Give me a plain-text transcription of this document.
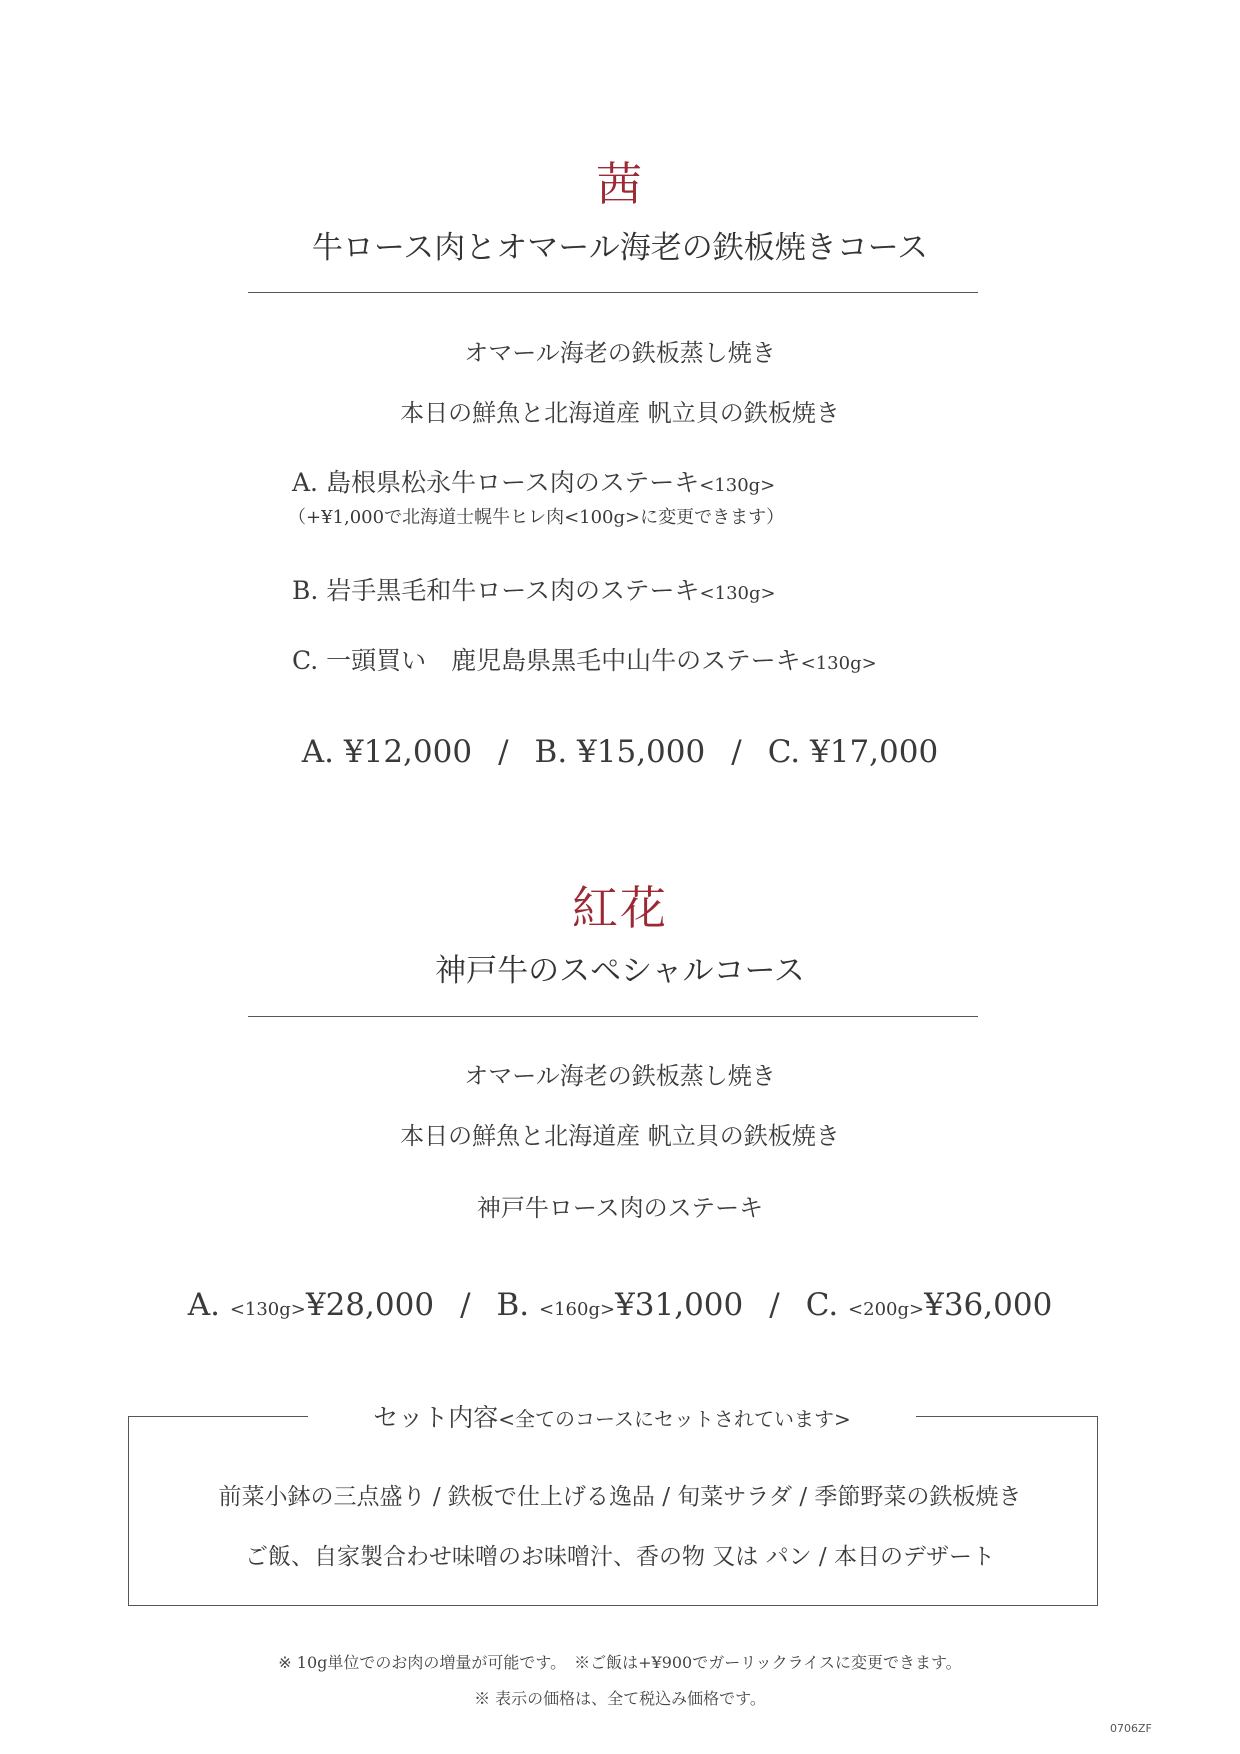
茜
牛ロース肉とオマール海老の鉄板焼きコース
オマール海老の鉄板蒸し焼き
本日の鮮魚と北海道産 帆立貝の鉄板焼き
A. 島根県松永牛ロース肉のステーキ<130g>
（+¥1,000で北海道士幌牛ヒレ肉<100g>に変更できます）
B. 岩手黒毛和牛ロース肉のステーキ<130g>
C. 一頭買い　鹿児島県黒毛中山牛のステーキ<130g>
A. ¥12,000 / B. ¥15,000 / C. ¥17,000
紅花
神戸牛のスペシャルコース
オマール海老の鉄板蒸し焼き
本日の鮮魚と北海道産 帆立貝の鉄板焼き
神戸牛ロース肉のステーキ
A. <130g>¥28,000 / B. <160g>¥31,000 / C. <200g>¥36,000
セット内容<全てのコースにセットされています>
前菜小鉢の三点盛り / 鉄板で仕上げる逸品 / 旬菜サラダ / 季節野菜の鉄板焼き
ご飯、自家製合わせ味噌のお味噌汁、香の物 又は パン / 本日のデザート
※ 10g単位でのお肉の増量が可能です。　※ご飯は+¥900でガーリックライスに変更できます。
※ 表示の価格は、全て税込み価格です。
0706ZF
